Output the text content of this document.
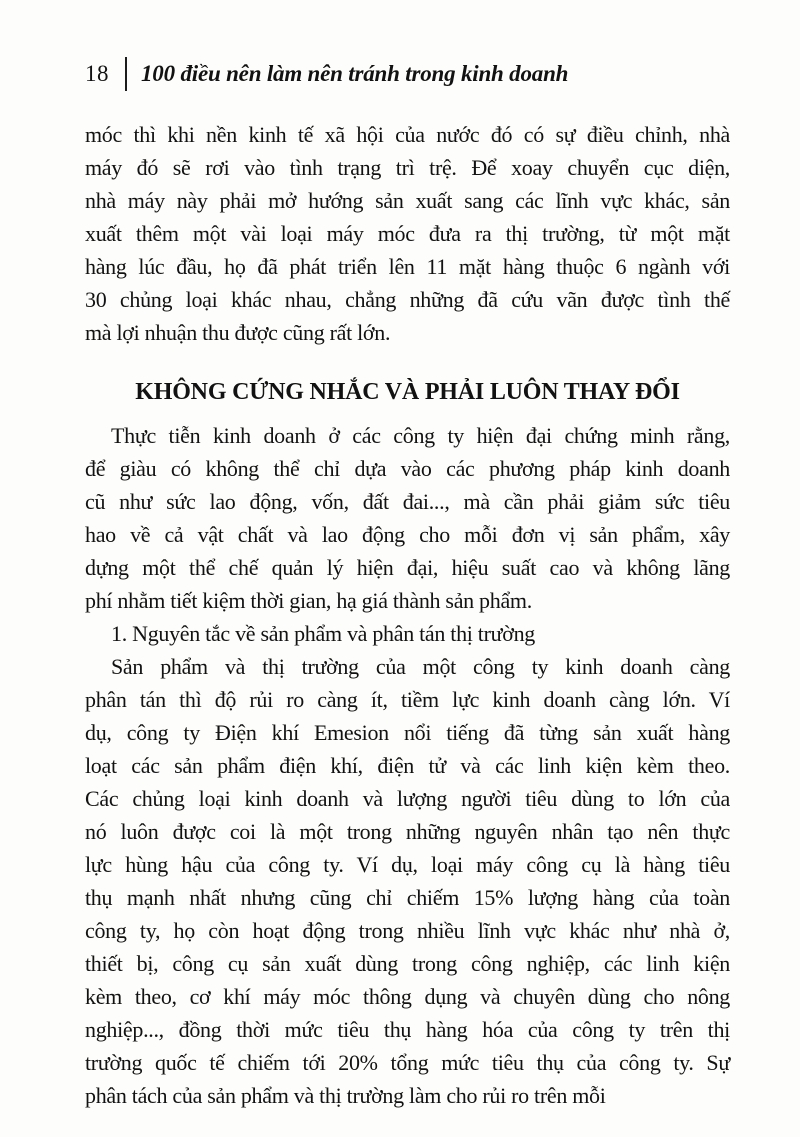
18 100 điều nên làm nên tránh trong kinh doanh
móc thì khi nền kinh tế xã hội của nước đó có sự điều chỉnh, nhà
máy đó sẽ rơi vào tình trạng trì trệ. Để xoay chuyển cục diện,
nhà máy này phải mở hướng sản xuất sang các lĩnh vực khác, sản
xuất thêm một vài loại máy móc đưa ra thị trường, từ một mặt
hàng lúc đầu, họ đã phát triển lên 11 mặt hàng thuộc 6 ngành với
30 chủng loại khác nhau, chẳng những đã cứu vãn được tình thế
mà lợi nhuận thu được cũng rất lớn.
KHÔNG CỨNG NHẮC VÀ PHẢI LUÔN THAY ĐỔI
Thực tiễn kinh doanh ở các công ty hiện đại chứng minh rằng,
để giàu có không thể chỉ dựa vào các phương pháp kinh doanh
cũ như sức lao động, vốn, đất đai..., mà cần phải giảm sức tiêu
hao về cả vật chất và lao động cho mỗi đơn vị sản phẩm, xây
dựng một thể chế quản lý hiện đại, hiệu suất cao và không lãng
phí nhằm tiết kiệm thời gian, hạ giá thành sản phẩm.
1. Nguyên tắc về sản phẩm và phân tán thị trường
Sản phẩm và thị trường của một công ty kinh doanh càng
phân tán thì độ rủi ro càng ít, tiềm lực kinh doanh càng lớn. Ví
dụ, công ty Điện khí Emesion nổi tiếng đã từng sản xuất hàng
loạt các sản phẩm điện khí, điện tử và các linh kiện kèm theo.
Các chủng loại kinh doanh và lượng người tiêu dùng to lớn của
nó luôn được coi là một trong những nguyên nhân tạo nên thực
lực hùng hậu của công ty. Ví dụ, loại máy công cụ là hàng tiêu
thụ mạnh nhất nhưng cũng chỉ chiếm 15% lượng hàng của toàn
công ty, họ còn hoạt động trong nhiều lĩnh vực khác như nhà ở,
thiết bị, công cụ sản xuất dùng trong công nghiệp, các linh kiện
kèm theo, cơ khí máy móc thông dụng và chuyên dùng cho nông
nghiệp..., đồng thời mức tiêu thụ hàng hóa của công ty trên thị
trường quốc tế chiếm tới 20% tổng mức tiêu thụ của công ty. Sự
phân tách của sản phẩm và thị trường làm cho rủi ro trên mỗi
